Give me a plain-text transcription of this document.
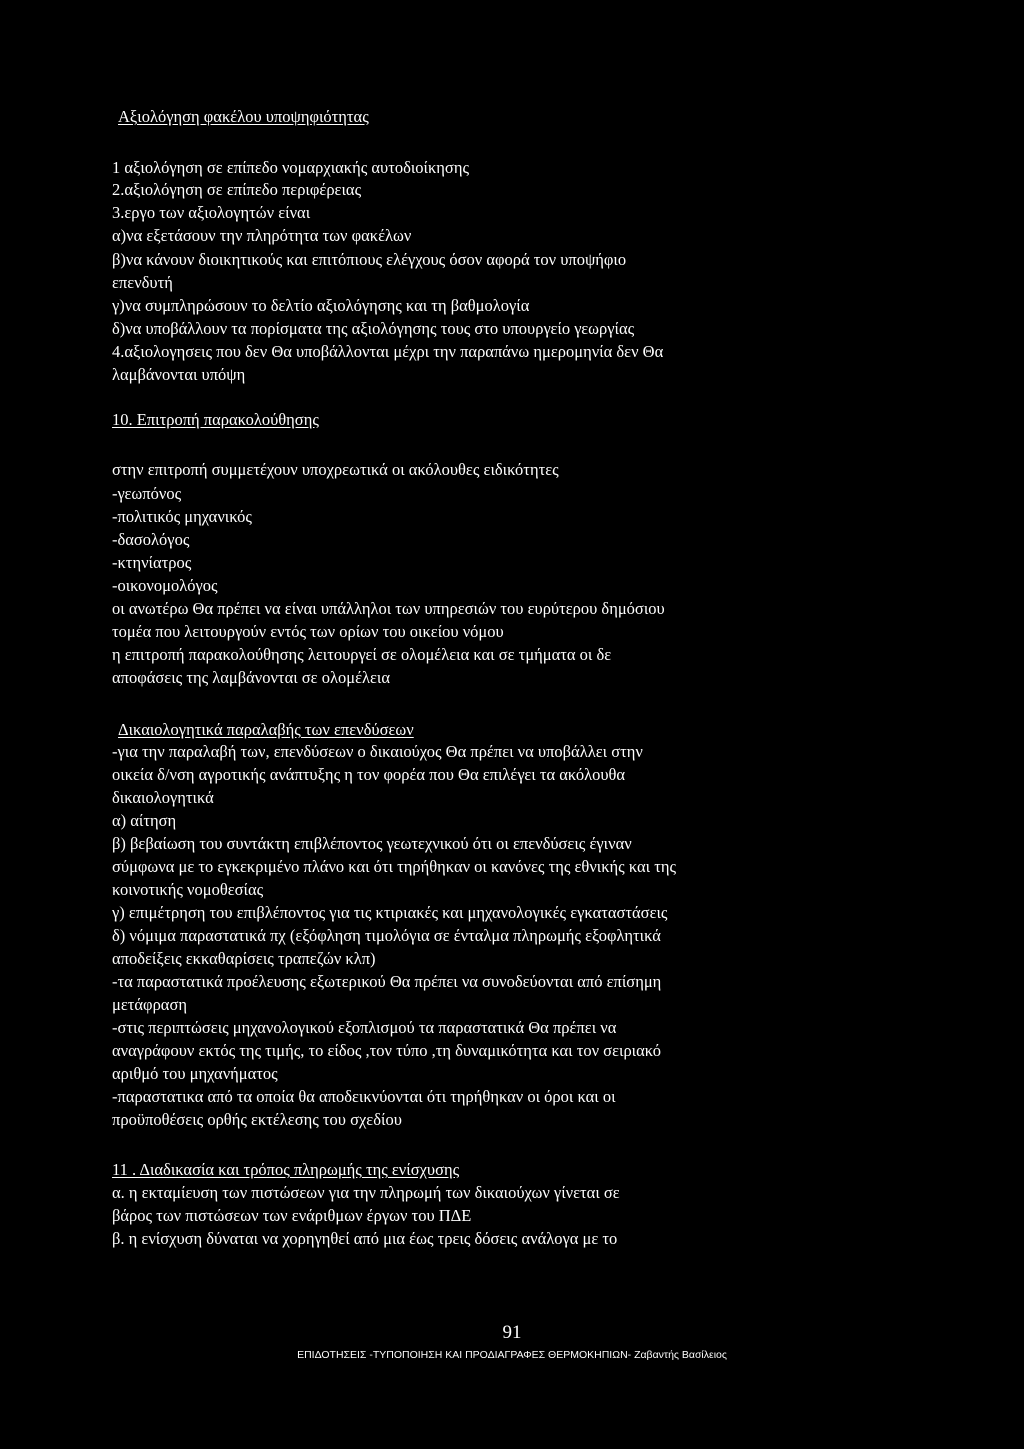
Αξιολόγηση φακέλου υποψηφιότητας

1 αξιολόγηση σε επίπεδο νομαρχιακής αυτοδιοίκησης

2.αξιολόγηση σε επίπεδο περιφέρειας

3.εργο των αξιολογητών είναι

α)να εξετάσουν την πληρότητα των φακέλων

β)να κάνουν διοικητικούς και επιτόπιους ελέγχους όσον αφορά τον υποψήφιο

επενδυτή

γ)να συμπληρώσουν το δελτίο αξιολόγησης και τη βαθμολογία

δ)να υποβάλλουν τα πορίσματα της αξιολόγησης τους στο υπουργείο γεωργίας

4.αξιολογησεις που δεν Θα υποβάλλονται μέχρι την παραπάνω ημερομηνία δεν Θα

λαμβάνονται υπόψη

10. Επιτροπή παρακολούθησης

στην επιτροπή συμμετέχουν υποχρεωτικά οι ακόλουθες ειδικότητες

-γεωπόνος

-πολιτικός μηχανικός

-δασολόγος

-κτηνίατρος

-οικονομολόγος

οι ανωτέρω Θα πρέπει να είναι υπάλληλοι των υπηρεσιών του ευρύτερου δημόσιου

τομέα που λειτουργούν εντός των ορίων του οικείου νόμου

η επιτροπή παρακολούθησης λειτουργεί σε ολομέλεια και σε τμήματα οι δε

αποφάσεις της λαμβάνονται σε ολομέλεια

Δικαιολογητικά παραλαβής των επενδύσεων

-για την παραλαβή των, επενδύσεων ο δικαιούχος Θα πρέπει να υποβάλλει στην

οικεία δ/νση αγροτικής ανάπτυξης η τον φορέα που Θα επιλέγει τα ακόλουθα

δικαιολογητικά

α) αίτηση

β) βεβαίωση του συντάκτη επιβλέποντος γεωτεχνικού ότι οι επενδύσεις έγιναν

σύμφωνα με το εγκεκριμένο πλάνο και ότι τηρήθηκαν οι κανόνες της εθνικής και της

κοινοτικής νομοθεσίας

γ) επιμέτρηση του επιβλέποντος για τις κτιριακές και μηχανολογικές εγκαταστάσεις

δ) νόμιμα παραστατικά πχ (εξόφληση τιμολόγια σε ένταλμα πληρωμής εξοφλητικά

αποδείξεις εκκαθαρίσεις τραπεζών κλπ)

-τα παραστατικά προέλευσης εξωτερικού Θα πρέπει να συνοδεύονται από επίσημη

μετάφραση

-στις περιπτώσεις μηχανολογικού εξοπλισμού τα παραστατικά Θα πρέπει να

αναγράφουν εκτός της τιμής, το είδος ,τον τύπο ,τη δυναμικότητα και τον σειριακό

αριθμό του μηχανήματος

-παραστατικα από τα οποία θα αποδεικνύονται ότι τηρήθηκαν οι όροι και οι

προϋποθέσεις ορθής εκτέλεσης του σχεδίου

11 . Διαδικασία και τρόπος πληρωμής της ενίσχυσης

α. η εκταμίευση των πιστώσεων για την πληρωμή των δικαιούχων γίνεται σε

βάρος των πιστώσεων των ενάριθμων έργων του ΠΔΕ

β. η ενίσχυση δύναται να χορηγηθεί από μια έως τρεις δόσεις ανάλογα με το

91
ΕΠΙΔΟΤΗΣΕΙΣ -ΤΥΠΟΠΟΙΗΣΗ ΚΑΙ ΠΡΟΔΙΑΓΡΑΦΕΣ ΘΕΡΜΟΚΗΠΙΩΝ- Ζαβαντής Βασίλειος
